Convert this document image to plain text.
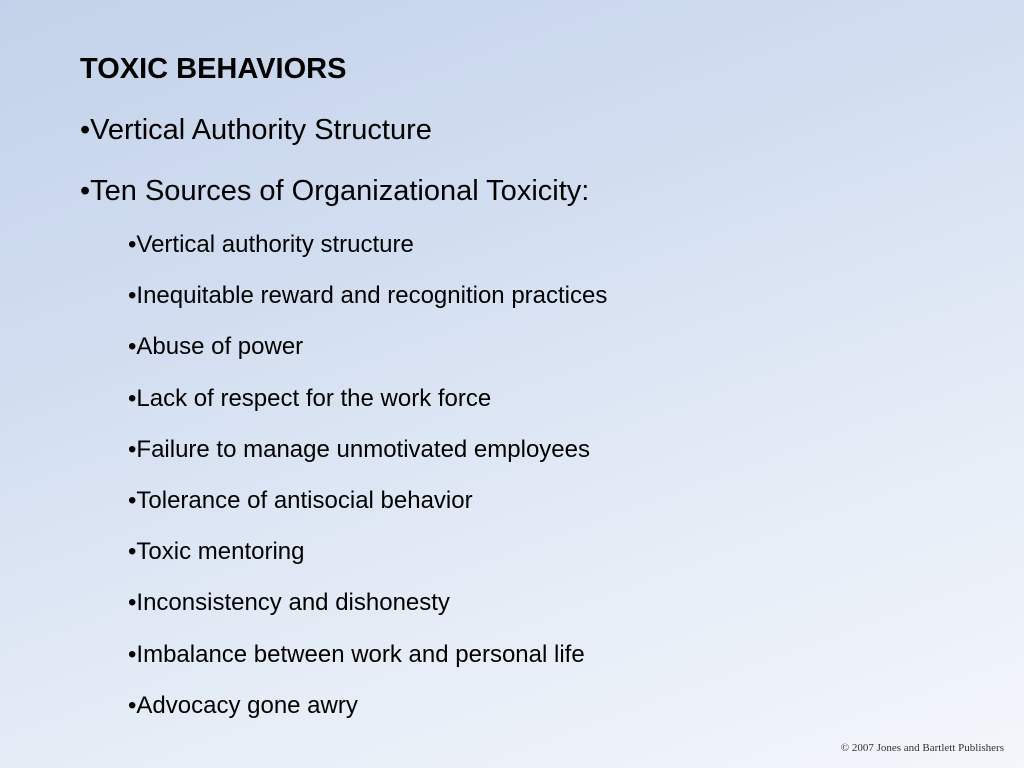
TOXIC BEHAVIORS
•Vertical Authority Structure
•Ten Sources of Organizational Toxicity:
•Vertical authority structure
•Inequitable reward and recognition practices
•Abuse of power
•Lack of respect for the work force
•Failure to manage unmotivated employees
•Tolerance of antisocial behavior
•Toxic mentoring
•Inconsistency and dishonesty
•Imbalance between work and personal life
•Advocacy gone awry
© 2007 Jones and Bartlett Publishers
